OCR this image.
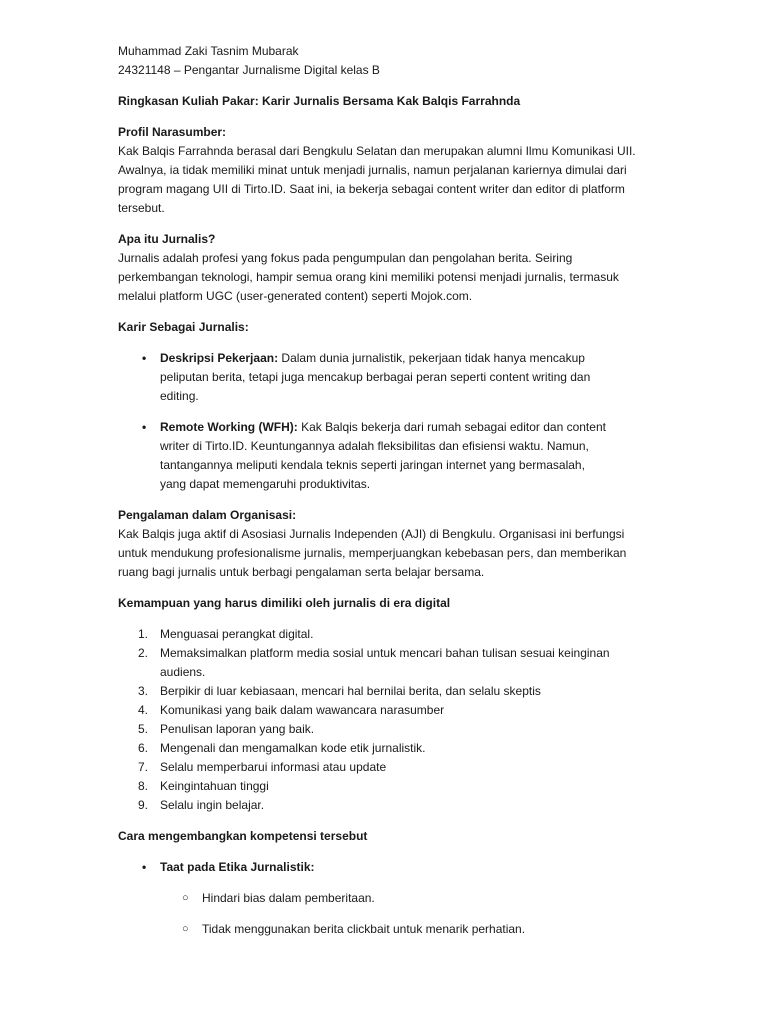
Muhammad Zaki Tasnim Mubarak
24321148 – Pengantar Jurnalisme Digital kelas B
Ringkasan Kuliah Pakar: Karir Jurnalis Bersama Kak Balqis Farrahnda
Profil Narasumber:
Kak Balqis Farrahnda berasal dari Bengkulu Selatan dan merupakan alumni Ilmu Komunikasi UII. Awalnya, ia tidak memiliki minat untuk menjadi jurnalis, namun perjalanan kariernya dimulai dari program magang UII di Tirto.ID. Saat ini, ia bekerja sebagai content writer dan editor di platform tersebut.
Apa itu Jurnalis?
Jurnalis adalah profesi yang fokus pada pengumpulan dan pengolahan berita. Seiring perkembangan teknologi, hampir semua orang kini memiliki potensi menjadi jurnalis, termasuk melalui platform UGC (user-generated content) seperti Mojok.com.
Karir Sebagai Jurnalis:
• Deskripsi Pekerjaan: Dalam dunia jurnalistik, pekerjaan tidak hanya mencakup peliputan berita, tetapi juga mencakup berbagai peran seperti content writing dan editing.
• Remote Working (WFH): Kak Balqis bekerja dari rumah sebagai editor dan content writer di Tirto.ID. Keuntungannya adalah fleksibilitas dan efisiensi waktu. Namun, tantangannya meliputi kendala teknis seperti jaringan internet yang bermasalah, yang dapat memengaruhi produktivitas.
Pengalaman dalam Organisasi:
Kak Balqis juga aktif di Asosiasi Jurnalis Independen (AJI) di Bengkulu. Organisasi ini berfungsi untuk mendukung profesionalisme jurnalis, memperjuangkan kebebasan pers, dan memberikan ruang bagi jurnalis untuk berbagi pengalaman serta belajar bersama.
Kemampuan yang harus dimiliki oleh jurnalis di era digital
1. Menguasai perangkat digital.
2. Memaksimalkan platform media sosial untuk mencari bahan tulisan sesuai keinginan audiens.
3. Berpikir di luar kebiasaan, mencari hal bernilai berita, dan selalu skeptis
4. Komunikasi yang baik dalam wawancara narasumber
5. Penulisan laporan yang baik.
6. Mengenali dan mengamalkan kode etik jurnalistik.
7. Selalu memperbarui informasi atau update
8. Keingintahuan tinggi
9. Selalu ingin belajar.
Cara mengembangkan kompetensi tersebut
• Taat pada Etika Jurnalistik:
○ Hindari bias dalam pemberitaan.
○ Tidak menggunakan berita clickbait untuk menarik perhatian.
